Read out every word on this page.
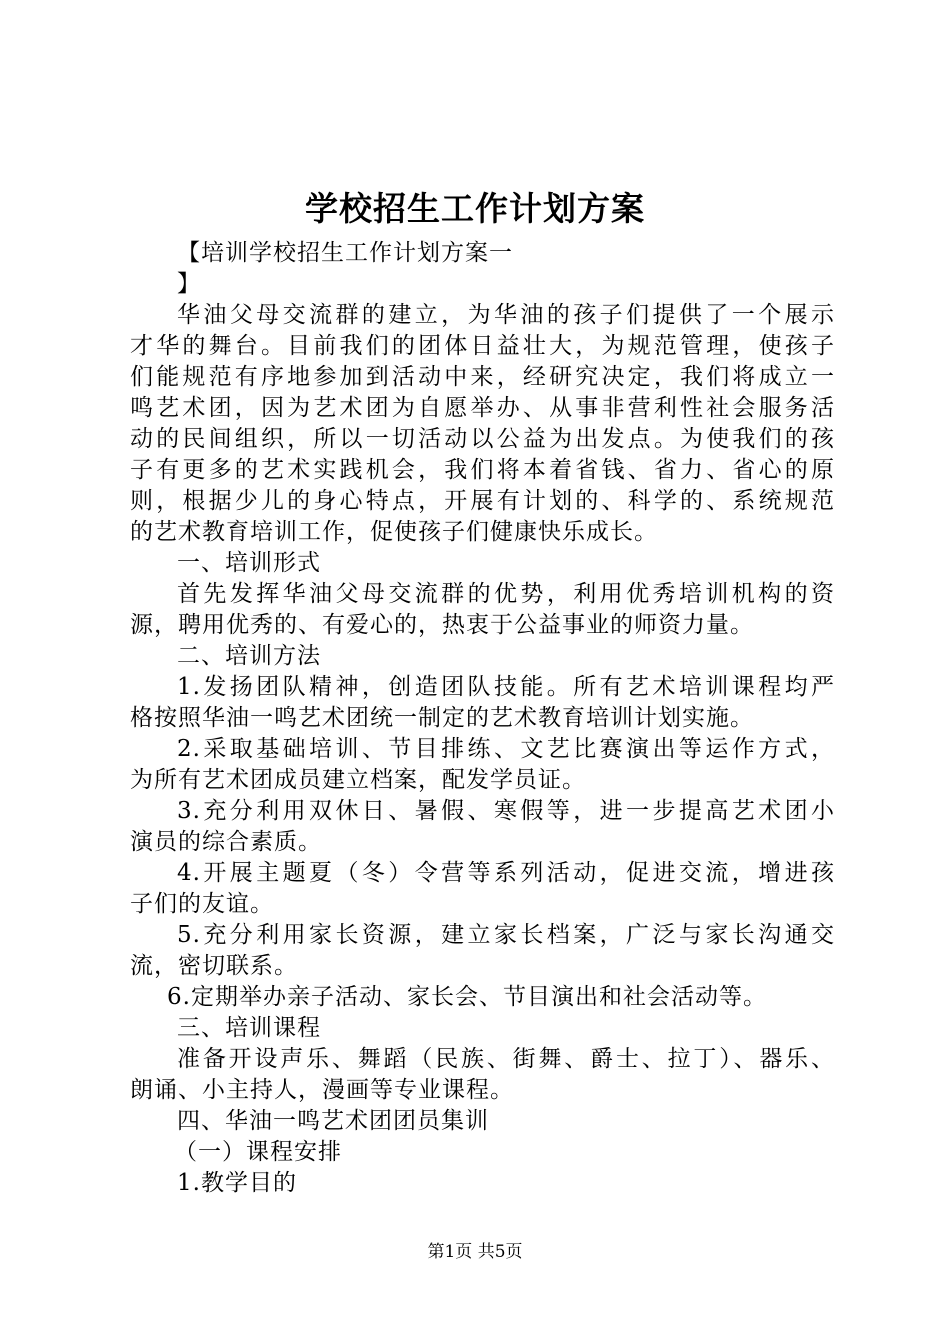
学校招生工作计划方案
【培训学校招生工作计划方案一
】
华油父母交流群的建立，为华油的孩子们提供了一个展示
才华的舞台。目前我们的团体日益壮大，为规范管理，使孩子
们能规范有序地参加到活动中来，经研究决定，我们将成立一
鸣艺术团，因为艺术团为自愿举办、从事非营利性社会服务活
动的民间组织，所以一切活动以公益为出发点。为使我们的孩
子有更多的艺术实践机会，我们将本着省钱、省力、省心的原
则，根据少儿的身心特点，开展有计划的、科学的、系统规范
的艺术教育培训工作，促使孩子们健康快乐成长。
一、培训形式
首先发挥华油父母交流群的优势，利用优秀培训机构的资
源，聘用优秀的、有爱心的，热衷于公益事业的师资力量。
二、培训方法
1.发扬团队精神，创造团队技能。所有艺术培训课程均严
格按照华油一鸣艺术团统一制定的艺术教育培训计划实施。
2.采取基础培训、节目排练、文艺比赛演出等运作方式，
为所有艺术团成员建立档案，配发学员证。
3.充分利用双休日、暑假、寒假等，进一步提高艺术团小
演员的综合素质。
4.开展主题夏（冬）令营等系列活动，促进交流，增进孩
子们的友谊。
5.充分利用家长资源，建立家长档案，广泛与家长沟通交
流，密切联系。
6.定期举办亲子活动、家长会、节目演出和社会活动等。
三、培训课程
准备开设声乐、舞蹈（民族、街舞、爵士、拉丁）、器乐、
朗诵、小主持人，漫画等专业课程。
四、华油一鸣艺术团团员集训
（一）课程安排
1.教学目的
第1页 共5页
